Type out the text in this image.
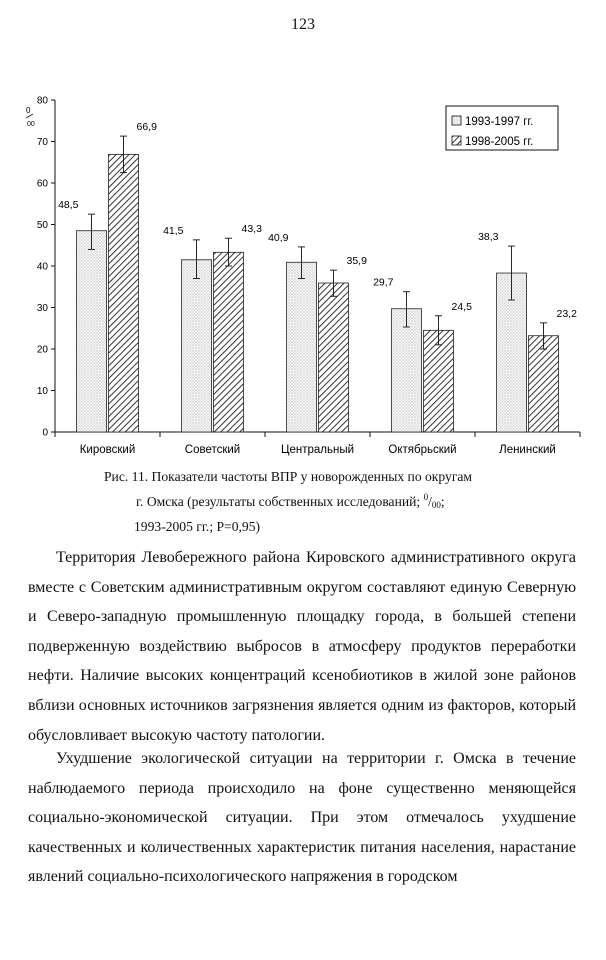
123
0
10
20
30
40
50
60
70
80
0
00
Кировский	Советский	Центральный	Октябрьский	Ленинский
48,5
66,9
41,5	43,3
40,9
35,9
29,7
24,5
38,3
23,2
1993-1997 гг.
1998-2005 гг.
Рис. 11. Показатели частоты ВПР у новорожденных по округам
г. Омска (результаты собственных исследований; $^0$/00;
1993-2005 гг.; Р=0,95)

Территория Левобережного района Кировского административного округа вместе с Советским административным округом составляют единую Северную и Северо-западную промышленную площадку города, в большей степени подверженную воздействию выбросов в атмосферу продуктов переработки нефти. Наличие высоких концентраций ксенобиотиков в жилой зоне районов вблизи основных источников загрязнения является одним из факторов, который обусловливает высокую частоту патологии.

Ухудшение экологической ситуации на территории г. Омска в течение наблюдаемого периода происходило на фоне существенно меняющейся социально-экономической ситуации. При этом отмечалось ухудшение качественных и количественных характеристик питания населения, нарастание явлений социально-психологического напряжения в городском
